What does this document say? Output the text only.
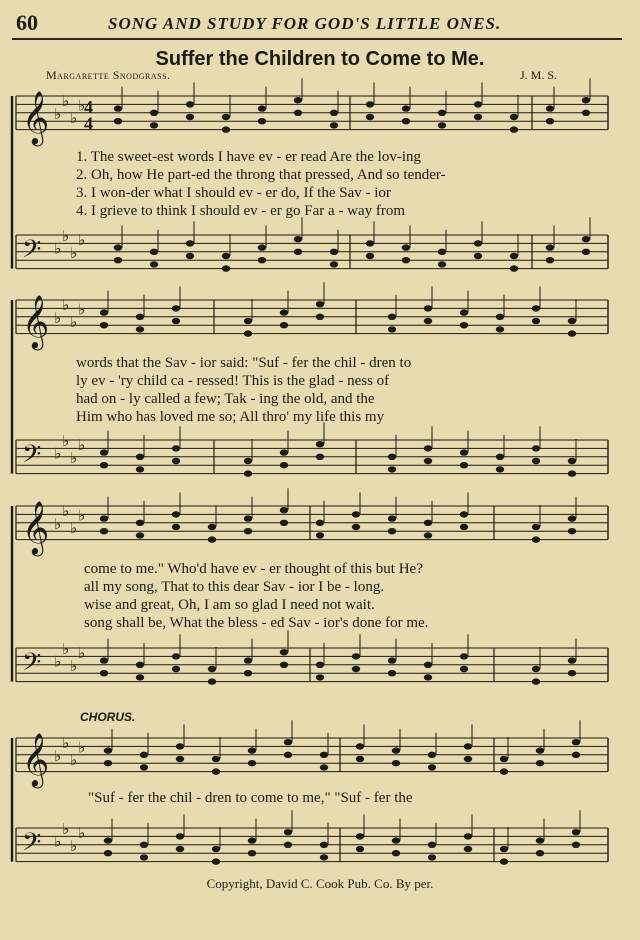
60	SONG AND STUDY FOR GOD'S LITTLE ONES.
Suffer the Children to Come to Me.
Margarette Snodgrass.	J. M. S.
𝄞 ♭
♭
♭
♭
𝄢 ♭
♭
♭
♭
𝄞 ♭
♭
♭
♭
𝄢 ♭
♭
♭
♭
𝄞 ♭
♭
♭
♭
𝄢 ♭
♭
♭
♭
𝄞 ♭
♭
♭
♭
𝄢 ♭
♭
♭
♭
4
4
1. The sweet-est words I have ev - er read Are the lov-ing
2. Oh, how He part-ed the throng that pressed, And so tender-
3. I won-der what I should ev - er do, If the Sav - ior
4. I grieve to think I should ev - er go Far a - way from
words that the Sav - ior said: "Suf - fer the chil - dren to
ly ev - 'ry child ca - ressed! This is the glad - ness of
had on - ly called a few; Tak - ing the old, and the
Him who has loved me so; All thro' my life this my
come to me." Who'd have ev - er thought of this but He?
all my song, That to this dear Sav - ior I be - long.
wise and great, Oh, I am so glad I need not wait.
song shall be, What the bless - ed Sav - ior's done for me.
CHORUS.
"Suf - fer the chil - dren to come to me," "Suf - fer the
Copyright, David C. Cook Pub. Co. By per.
